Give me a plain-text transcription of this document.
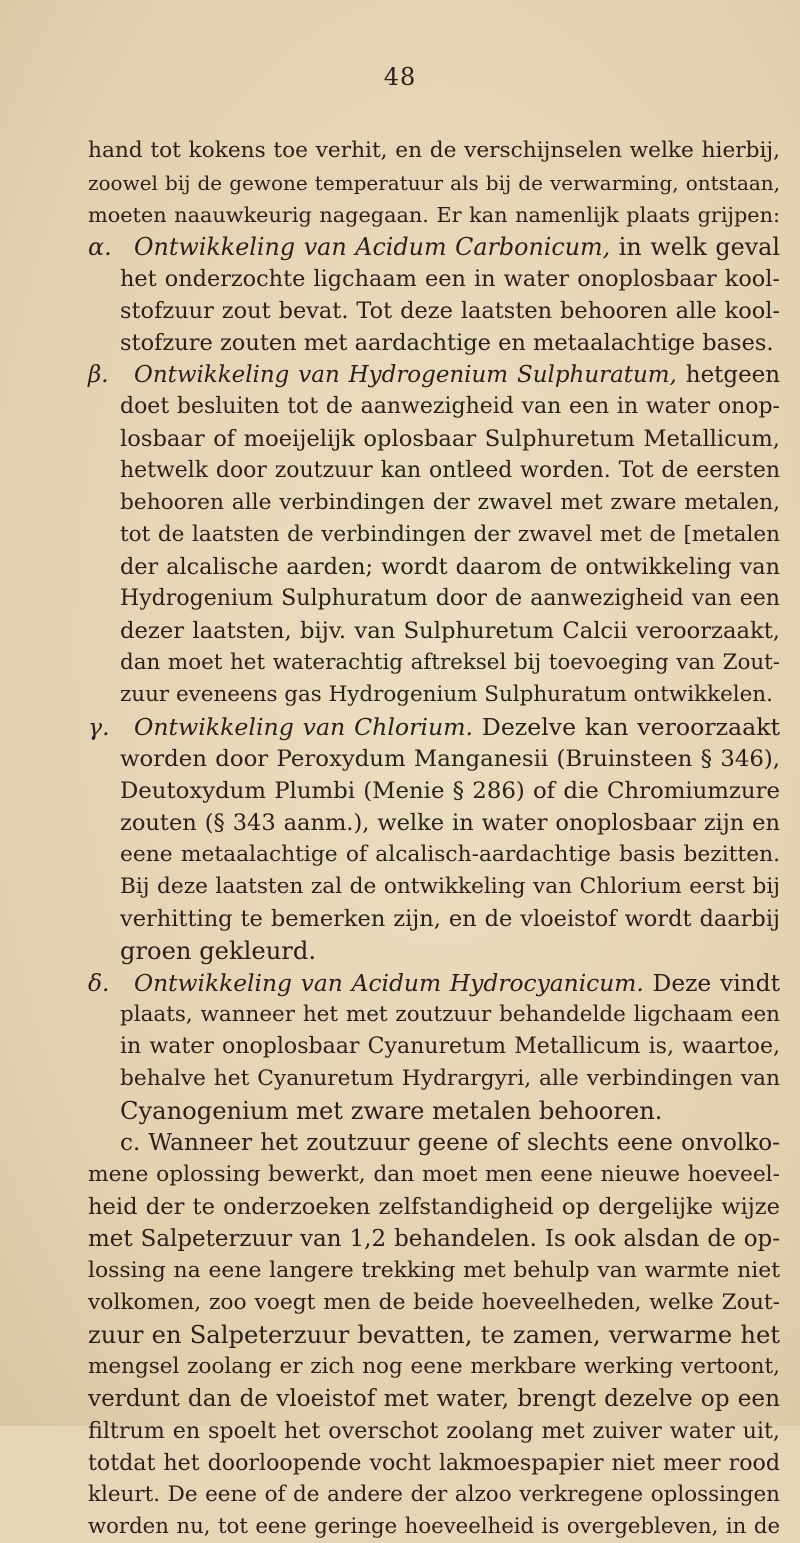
48
hand tot kokens toe verhit, en de verschijnselen welke hierbij,
zoowel bij de gewone temperatuur als bij de verwarming, ontstaan,
moeten naauwkeurig nagegaan. Er kan namenlijk plaats grijpen:
α. Ontwikkeling van Acidum Carbonicum, in welk geval
het onderzochte ligchaam een in water onoplosbaar kool-
stofzuur zout bevat. Tot deze laatsten behooren alle kool-
stofzure zouten met aardachtige en metaalachtige bases.
β.	Ontwikkeling van Hydrogenium Sulphuratum, hetgeen
doet besluiten tot de aanwezigheid van een in water onop-
losbaar of moeijelijk oplosbaar Sulphuretum Metallicum,
hetwelk door zoutzuur kan ontleed worden. Tot de eersten
behooren alle verbindingen der zwavel met zware metalen,
tot de laatsten de verbindingen der zwavel met de [metalen
der alcalische aarden; wordt daarom de ontwikkeling van
Hydrogenium Sulphuratum door de aanwezigheid van een
dezer laatsten, bijv. van Sulphuretum Calcii veroorzaakt,
dan moet het waterachtig aftreksel bij toevoeging van Zout-
zuur eveneens gas Hydrogenium Sulphuratum ontwikkelen.
γ. Ontwikkeling van Chlorium. Dezelve kan veroorzaakt
worden door Peroxydum Manganesii (Bruinsteen § 346),
Deutoxydum Plumbi (Menie § 286) of die Chromiumzure
zouten (§ 343 aanm.), welke in water onoplosbaar zijn en
eene metaalachtige of alcalisch-aardachtige basis bezitten.
Bij deze laatsten zal de ontwikkeling van Chlorium eerst bij
verhitting te bemerken zijn, en de vloeistof wordt daarbij
groen gekleurd.
δ. Ontwikkeling van Acidum Hydrocyanicum. Deze vindt
plaats, wanneer het met zoutzuur behandelde ligchaam een
in water onoplosbaar Cyanuretum Metallicum is, waartoe,
behalve het Cyanuretum Hydrargyri, alle verbindingen van
Cyanogenium met zware metalen behooren.
c. Wanneer het zoutzuur geene of slechts eene onvolko-
mene oplossing bewerkt, dan moet men eene nieuwe hoeveel-
heid der te onderzoeken zelfstandigheid op dergelijke wijze
met Salpeterzuur van 1,2 behandelen. Is ook alsdan de op-
lossing na eene langere trekking met behulp van warmte niet
volkomen, zoo voegt men de beide hoeveelheden, welke Zout-
zuur en Salpeterzuur bevatten, te zamen, verwarme het
mengsel zoolang er zich nog eene merkbare werking vertoont,
verdunt dan de vloeistof met water, brengt dezelve op een
filtrum en spoelt het overschot zoolang met zuiver water uit,
totdat het doorloopende vocht lakmoespapier niet meer rood
kleurt. De eene of de andere der alzoo verkregene oplossingen
worden nu, tot eene geringe hoeveelheid is overgebleven, in de
